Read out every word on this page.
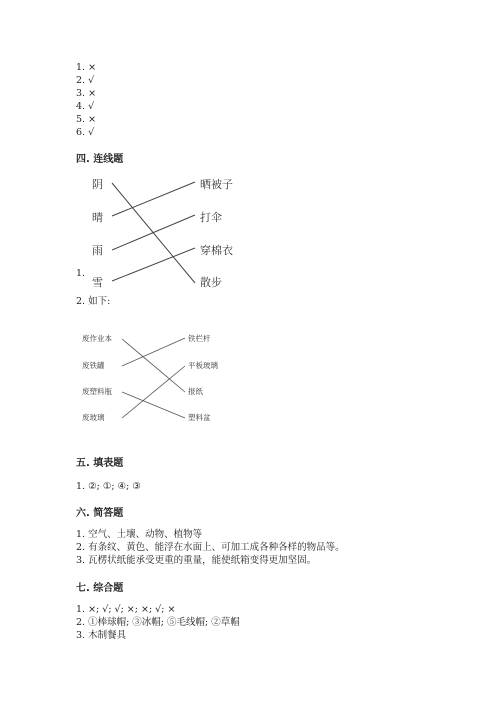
1. ×
2. √
3. ×
4. √
5. ×
6. √
四. 连线题
阴
晴
雨
雪
晒被子
打伞
穿棉衣
散步
1.
2. 如下:
废作业本
废铁罐
废塑料瓶
废玻璃
铁栏杆
平板玻璃
报纸
塑料盆
五. 填表题
1. ②; ①; ④; ③
六. 简答题
1. 空气、土壤、动物、植物等
2. 有条纹、黄色、能浮在水面上、可加工成各种各样的物品等。
3. 瓦楞状纸能承受更重的重量，能使纸箱变得更加坚固。
七. 综合题
1. ×; √; √; ×; ×; √; ×
2. ①棒球帽; ③冰帽; ⑤毛线帽; ②草帽
3. 木制餐具
